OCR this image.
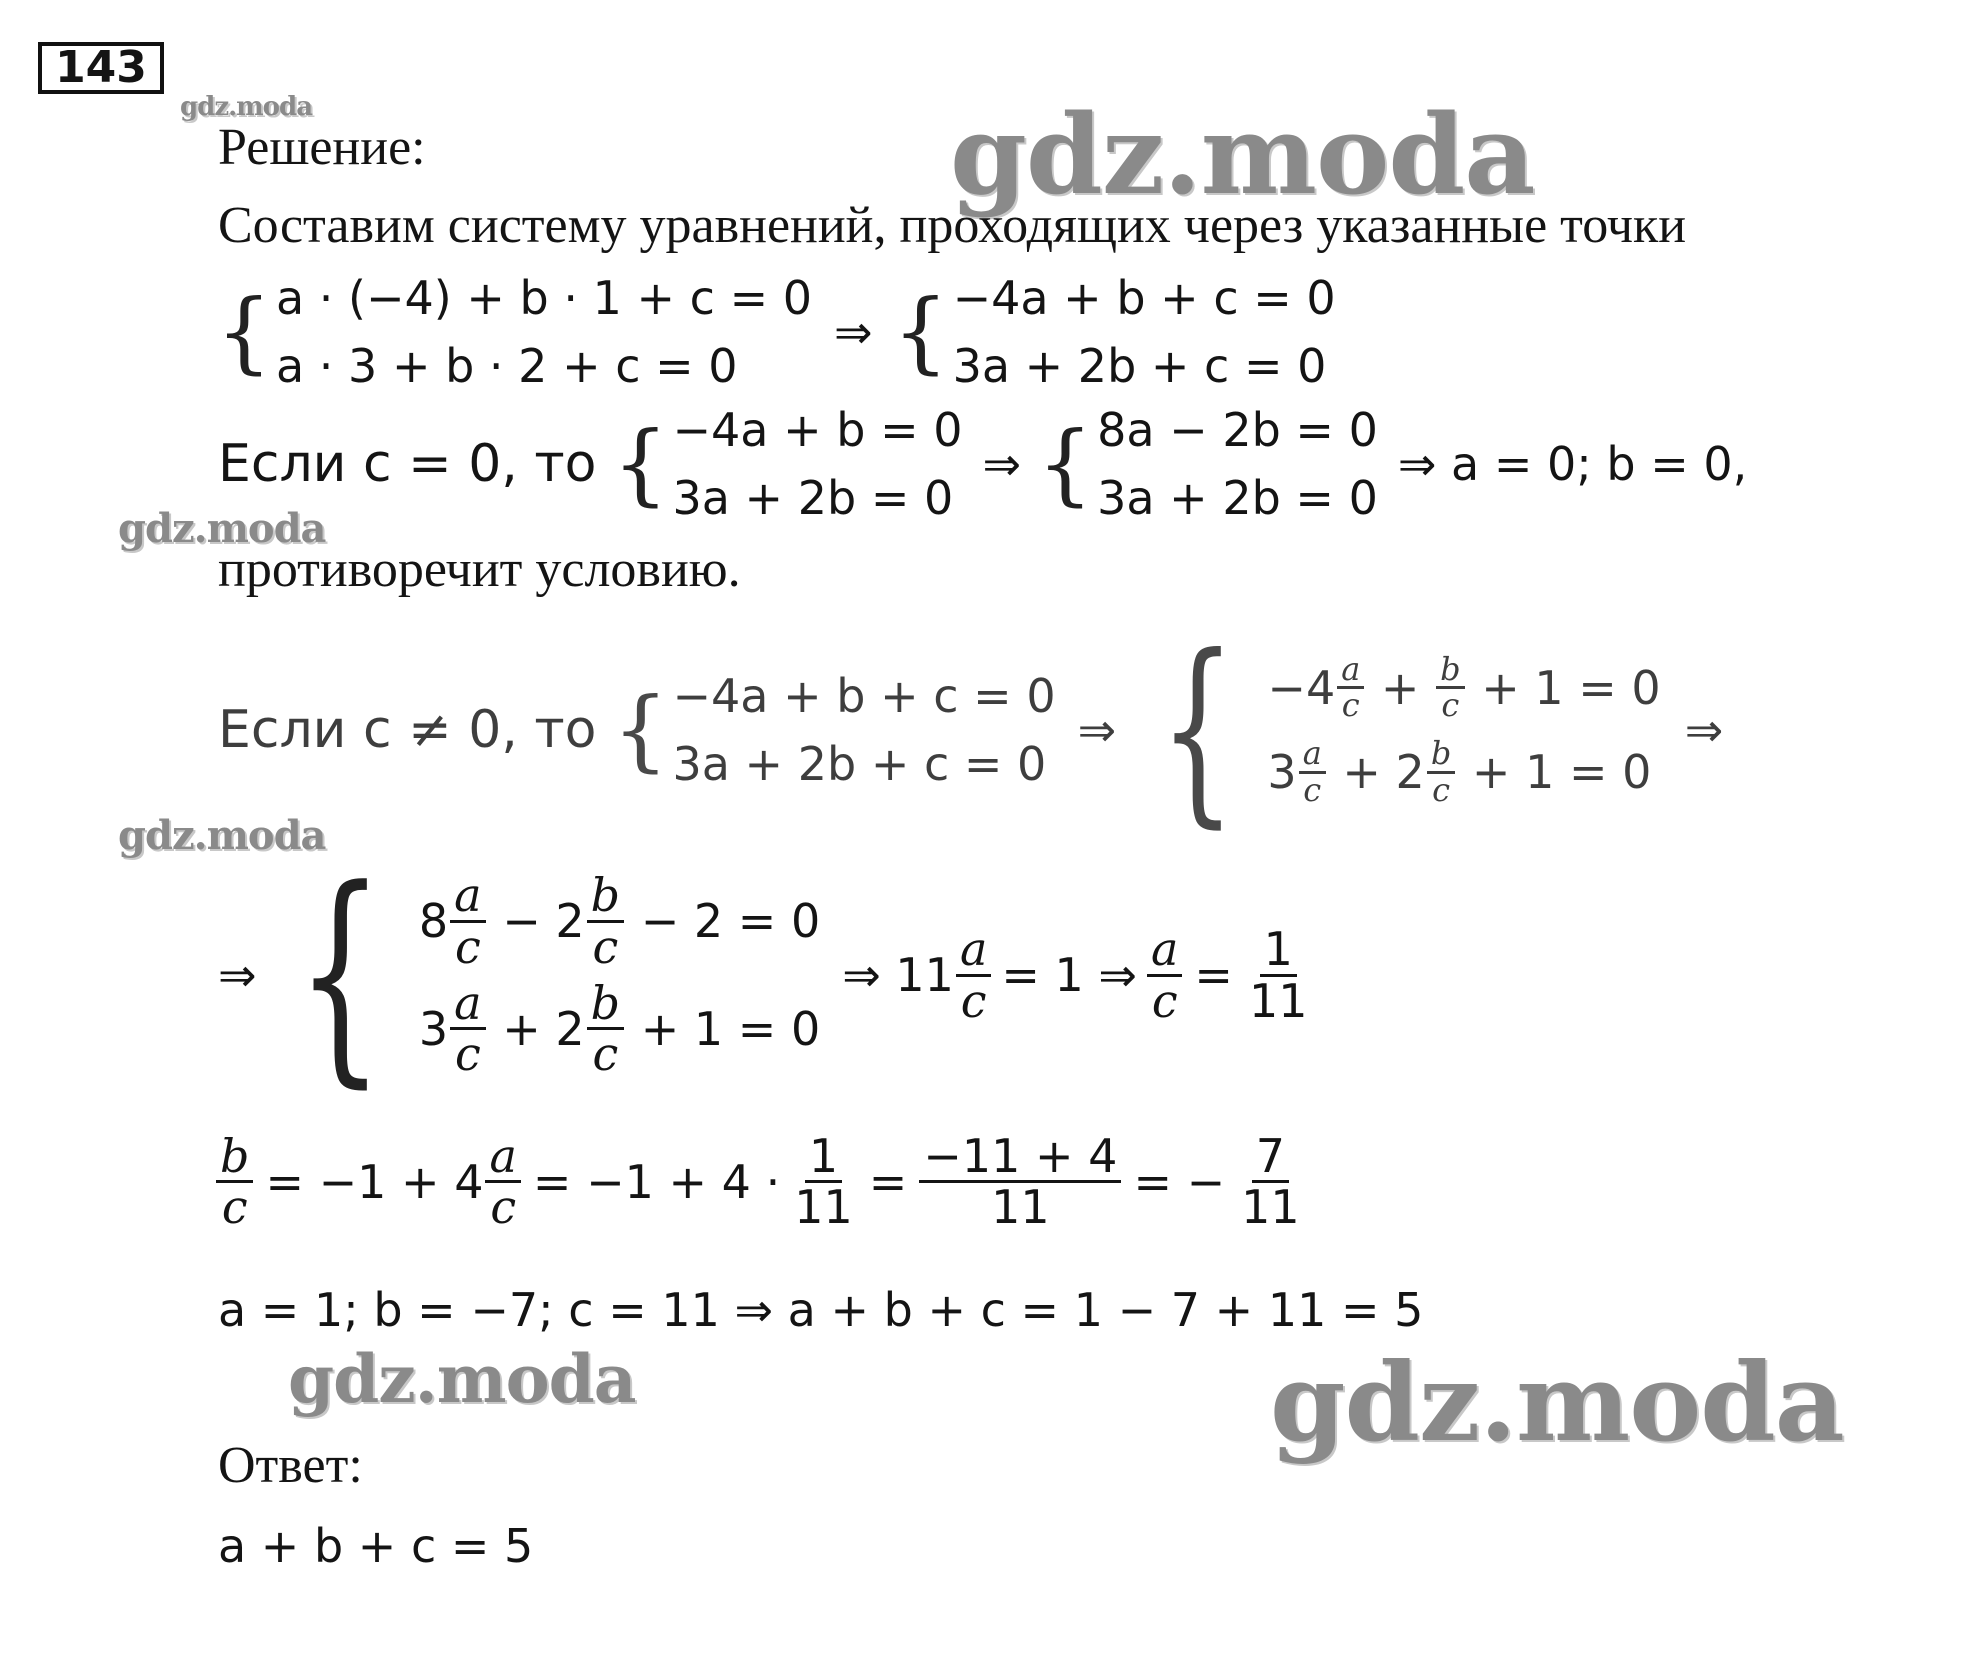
143
gdz.moda	gdz.moda
gdz.moda
gdz.moda
gdz.moda	gdz.moda
Решение:
Составим систему уравнений, проходящих через указанные точки
{ a · (−4) + b · 1 + c = 0
a · 3 + b · 2 + c = 0
⇒ { −4a + b + c = 0
3a + 2b + c = 0
Если c = 0, то { −4a + b = 0
3a + 2b = 0
⇒ { 8a − 2b = 0
3a + 2b = 0
⇒ a = 0; b = 0,
противоречит условию.
Если c ≠ 0, то { −4a + b + c = 0
3a + 2b + c = 0
⇒ { $-4 \frac{a}{c} + \frac{b}{c} + 1 = 0$
$3 \frac{a}{c} + 2 \frac{b}{c} + 1 = 0$
⇒
⇒ { $8 \frac{a}{c} - 2 \frac{b}{c} - 2 = 0$
$3 \frac{a}{c} + 2 \frac{b}{c} + 1 = 0$
⇒ $11 \frac{a}{c} = 1$ ⇒ $\frac{a}{c} = \frac{1}{11}$
$\frac{b}{c} = -1 + 4 \frac{a}{c} = -1 + 4 \cdot \frac{1}{11} = \frac{-11 + 4}{11}$ = − $\frac{7}{11}$
a = 1; b = −7; c = 11 ⇒ a + b + c = 1 − 7 + 11 = 5
Ответ:
a + b + c = 5
